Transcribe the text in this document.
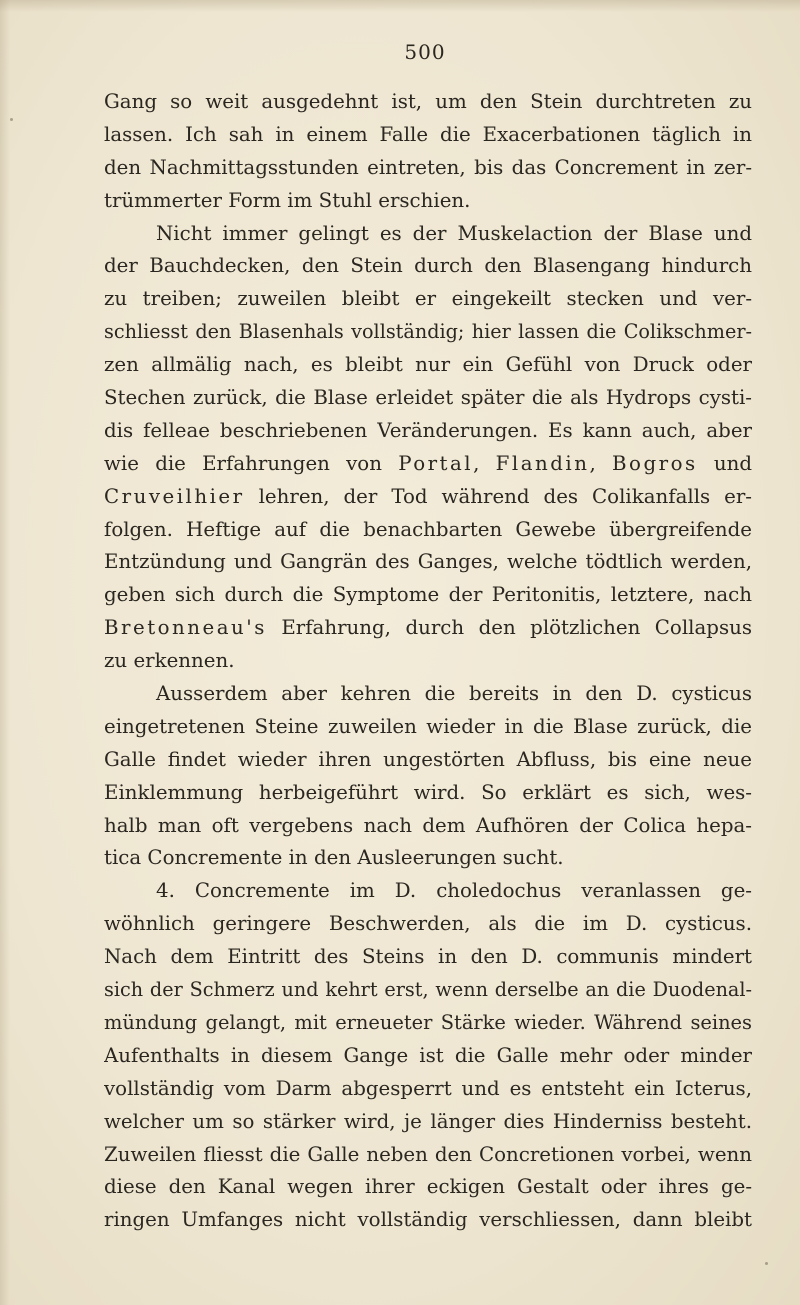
500
Gang so weit ausgedehnt ist, um den Stein durchtreten zu
lassen. Ich sah in einem Falle die Exacerbationen täglich in
den Nachmittagsstunden eintreten, bis das Concrement in zer-
trümmerter Form im Stuhl erschien.
Nicht immer gelingt es der Muskelaction der Blase und
der Bauchdecken, den Stein durch den Blasengang hindurch
zu treiben; zuweilen bleibt er eingekeilt stecken und ver-
schliesst den Blasenhals vollständig; hier lassen die Colikschmer-
zen allmälig nach, es bleibt nur ein Gefühl von Druck oder
Stechen zurück, die Blase erleidet später die als Hydrops cysti-
dis felleae beschriebenen Veränderungen. Es kann auch, aber
wie die Erfahrungen von Portal, Flandin, Bogros und
Cruveilhier lehren, der Tod während des Colikanfalls er-
folgen. Heftige auf die benachbarten Gewebe übergreifende
Entzündung und Gangrän des Ganges, welche tödtlich werden,
geben sich durch die Symptome der Peritonitis, letztere, nach
Bretonneau's Erfahrung, durch den plötzlichen Collapsus
zu erkennen.
Ausserdem aber kehren die bereits in den D. cysticus
eingetretenen Steine zuweilen wieder in die Blase zurück, die
Galle findet wieder ihren ungestörten Abfluss, bis eine neue
Einklemmung herbeigeführt wird. So erklärt es sich, wes-
halb man oft vergebens nach dem Aufhören der Colica hepa-
tica Concremente in den Ausleerungen sucht.
4. Concremente im D. choledochus veranlassen ge-
wöhnlich geringere Beschwerden, als die im D. cysticus.
Nach dem Eintritt des Steins in den D. communis mindert
sich der Schmerz und kehrt erst, wenn derselbe an die Duodenal-
mündung gelangt, mit erneueter Stärke wieder. Während seines
Aufenthalts in diesem Gange ist die Galle mehr oder minder
vollständig vom Darm abgesperrt und es entsteht ein Icterus,
welcher um so stärker wird, je länger dies Hinderniss besteht.
Zuweilen fliesst die Galle neben den Concretionen vorbei, wenn
diese den Kanal wegen ihrer eckigen Gestalt oder ihres ge-
ringen Umfanges nicht vollständig verschliessen, dann bleibt
